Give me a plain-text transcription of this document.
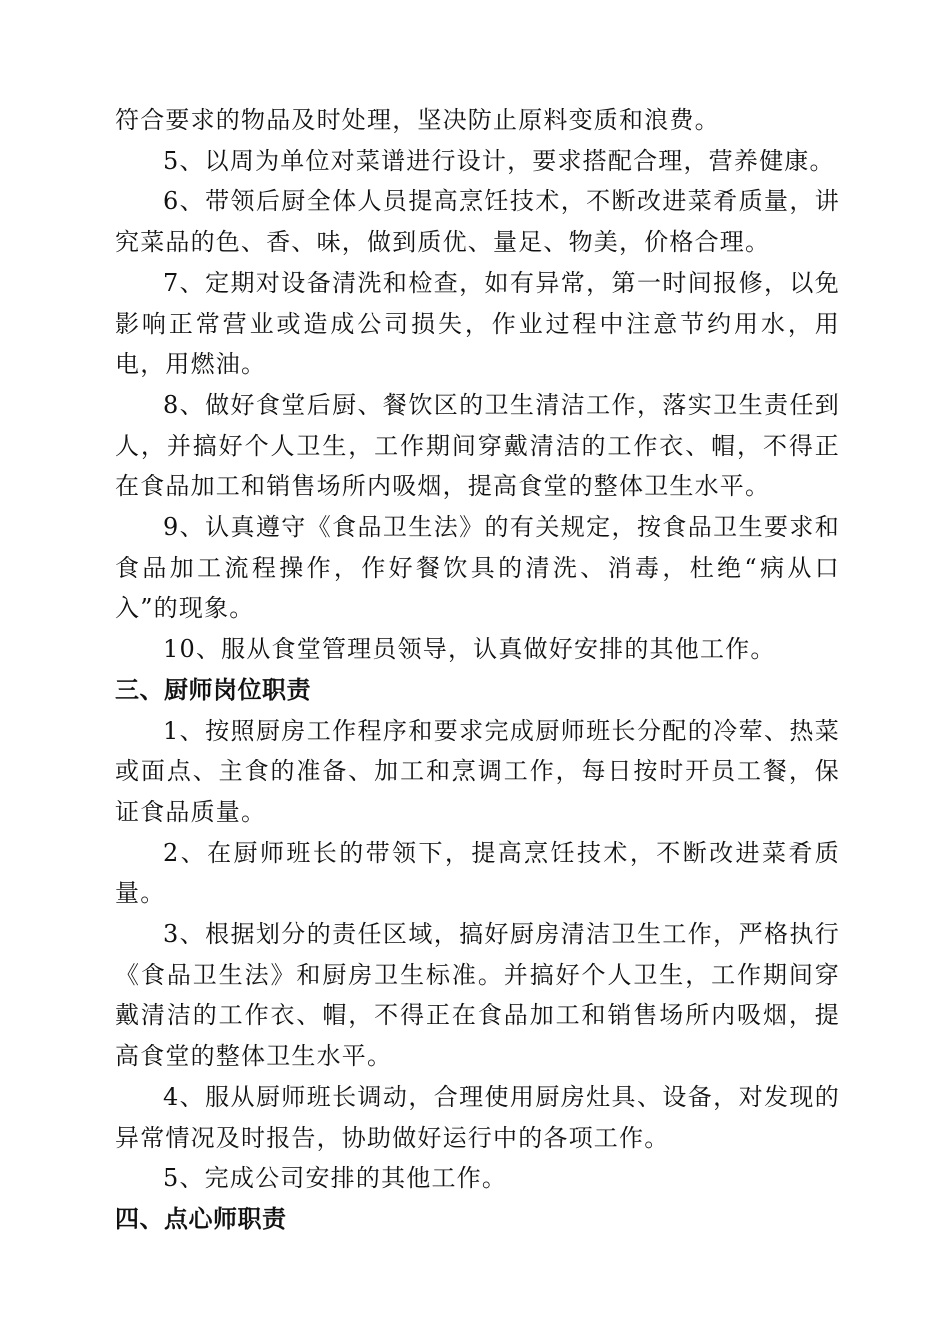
符合要求的物品及时处理，坚决防止原料变质和浪费。

5、以周为单位对菜谱进行设计，要求搭配合理，营养健康。

6、带领后厨全体人员提高烹饪技术，不断改进菜肴质量，讲究菜品的色、香、味，做到质优、量足、物美，价格合理。

7、定期对设备清洗和检查，如有异常，第一时间报修，以免影响正常营业或造成公司损失，作业过程中注意节约用水，用电，用燃油。

8、做好食堂后厨、餐饮区的卫生清洁工作，落实卫生责任到人，并搞好个人卫生，工作期间穿戴清洁的工作衣、帽，不得正在食品加工和销售场所内吸烟，提高食堂的整体卫生水平。

9、认真遵守《食品卫生法》的有关规定，按食品卫生要求和食品加工流程操作，作好餐饮具的清洗、消毒，杜绝“病从口入”的现象。

10、服从食堂管理员领导，认真做好安排的其他工作。

三、厨师岗位职责

1、按照厨房工作程序和要求完成厨师班长分配的冷荤、热菜或面点、主食的准备、加工和烹调工作，每日按时开员工餐，保证食品质量。

2、在厨师班长的带领下，提高烹饪技术，不断改进菜肴质量。

3、根据划分的责任区域，搞好厨房清洁卫生工作，严格执行《食品卫生法》和厨房卫生标准。并搞好个人卫生，工作期间穿戴清洁的工作衣、帽，不得正在食品加工和销售场所内吸烟，提高食堂的整体卫生水平。

4、服从厨师班长调动，合理使用厨房灶具、设备，对发现的异常情况及时报告，协助做好运行中的各项工作。

5、完成公司安排的其他工作。

四、点心师职责
